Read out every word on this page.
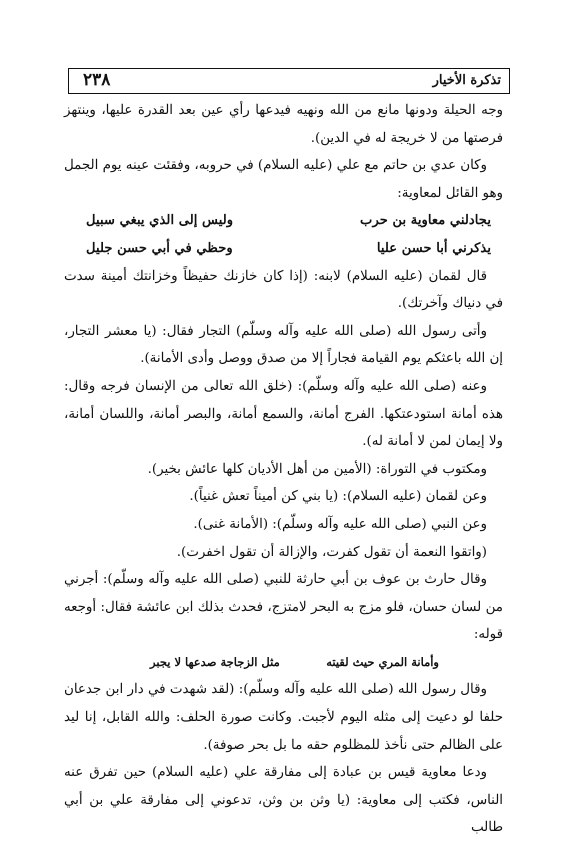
تذكرة الأخيار
٢٣٨

وجه الحيلة ودونها مانع من الله ونهيه فيدعها رأي عين بعد القدرة عليها، وينتهز فرصتها من لا خريجة له في الدين).

وكان عدي بن حاتم مع علي (عليه السلام) في حروبه، وفقئت عينه يوم الجمل وهو القائل لمعاوية:

يجادلني معاوية بن حرب
وليس إلى الذي يبغي سبيل
يذكرني أبا حسن عليا
وحظي في أبي حسن جليل

قال لقمان (عليه السلام) لابنه: (إذا كان خازنك حفيظاً وخزانتك أمينة سدت في دنياك وآخرتك).

وأتى رسول الله (صلى الله عليه وآله وسلّم) التجار فقال: (يا معشر التجار، إن الله باعثكم يوم القيامة فجاراً إلا من صدق ووصل وأدى الأمانة).

وعنه (صلى الله عليه وآله وسلّم): (خلق الله تعالى من الإنسان فرجه وقال: هذه أمانة استودعتكها. الفرج أمانة، والسمع أمانة، والبصر أمانة، واللسان أمانة، ولا إيمان لمن لا أمانة له).

ومكتوب في التوراة: (الأمين من أهل الأديان كلها عائش بخير).

وعن لقمان (عليه السلام): (يا بني كن أميناً تعش غنياً).

وعن النبي (صلى الله عليه وآله وسلّم): (الأمانة غنى).

(واتقوا النعمة أن تقول كفرت، والإزالة أن تقول اخفرت).

وقال حارث بن عوف بن أبي حارثة للنبي (صلى الله عليه وآله وسلّم): أجرني من لسان حسان، فلو مزج به البحر لامتزج، فحدث بذلك ابن عائشة فقال: أوجعه قوله:

وأمانة المري حيث لقيته
مثل الزجاجة صدعها لا يجبر

وقال رسول الله (صلى الله عليه وآله وسلّم): (لقد شهدت في دار ابن جدعان حلفا لو دعيت إلى مثله اليوم لأجبت. وكانت صورة الحلف: والله القابل، إنا ليد على الظالم حتى نأخذ للمظلوم حقه ما بل بحر صوفة).

ودعا معاوية قيس بن عبادة إلى مفارقة علي (عليه السلام) حين تفرق عنه الناس، فكتب إلى معاوية: (يا وثن بن وثن، تدعوني إلى مفارقة علي بن أبي طالب
